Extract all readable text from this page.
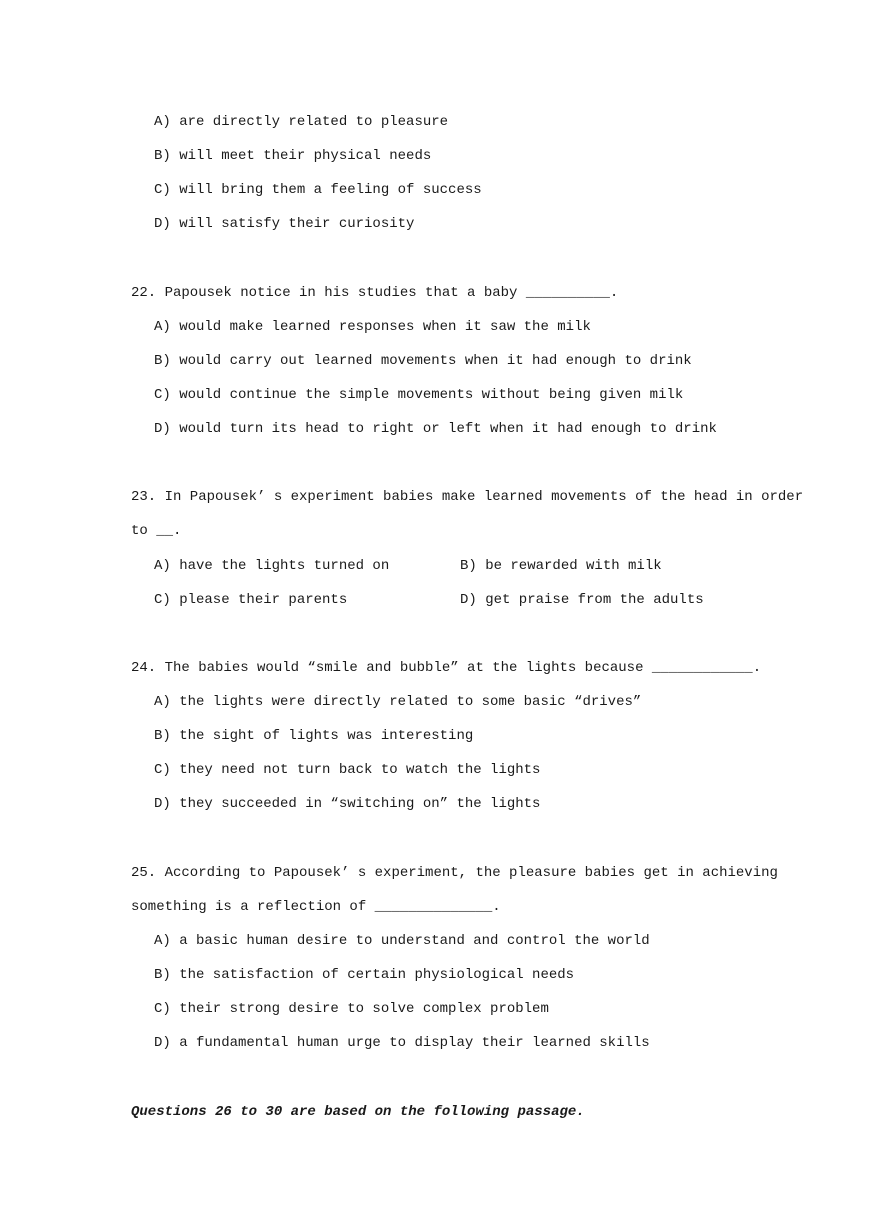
A) are directly related to pleasure
B) will meet their physical needs
C) will bring them a feeling of success
D) will satisfy their curiosity
22. Papousek notice in his studies that a baby __________.
A) would make learned responses when it saw the milk
B) would carry out learned movements when it had enough to drink
C) would continue the simple movements without being given milk
D) would turn its head to right or left when it had enough to drink
23. In Papousek’ s experiment babies make learned movements of the head in order
to __.
A) have the lights turned on	B) be rewarded with milk
C) please their parents	D) get praise from the adults
24. The babies would “smile and bubble” at the lights because ____________.
A) the lights were directly related to some basic “drives”
B) the sight of lights was interesting
C) they need not turn back to watch the lights
D) they succeeded in “switching on” the lights
25. According to Papousek’ s experiment, the pleasure babies get in achieving
something is a reflection of ______________.
A) a basic human desire to understand and control the world
B) the satisfaction of certain physiological needs
C) their strong desire to solve complex problem
D) a fundamental human urge to display their learned skills
Questions 26 to 30 are based on the following passage.
